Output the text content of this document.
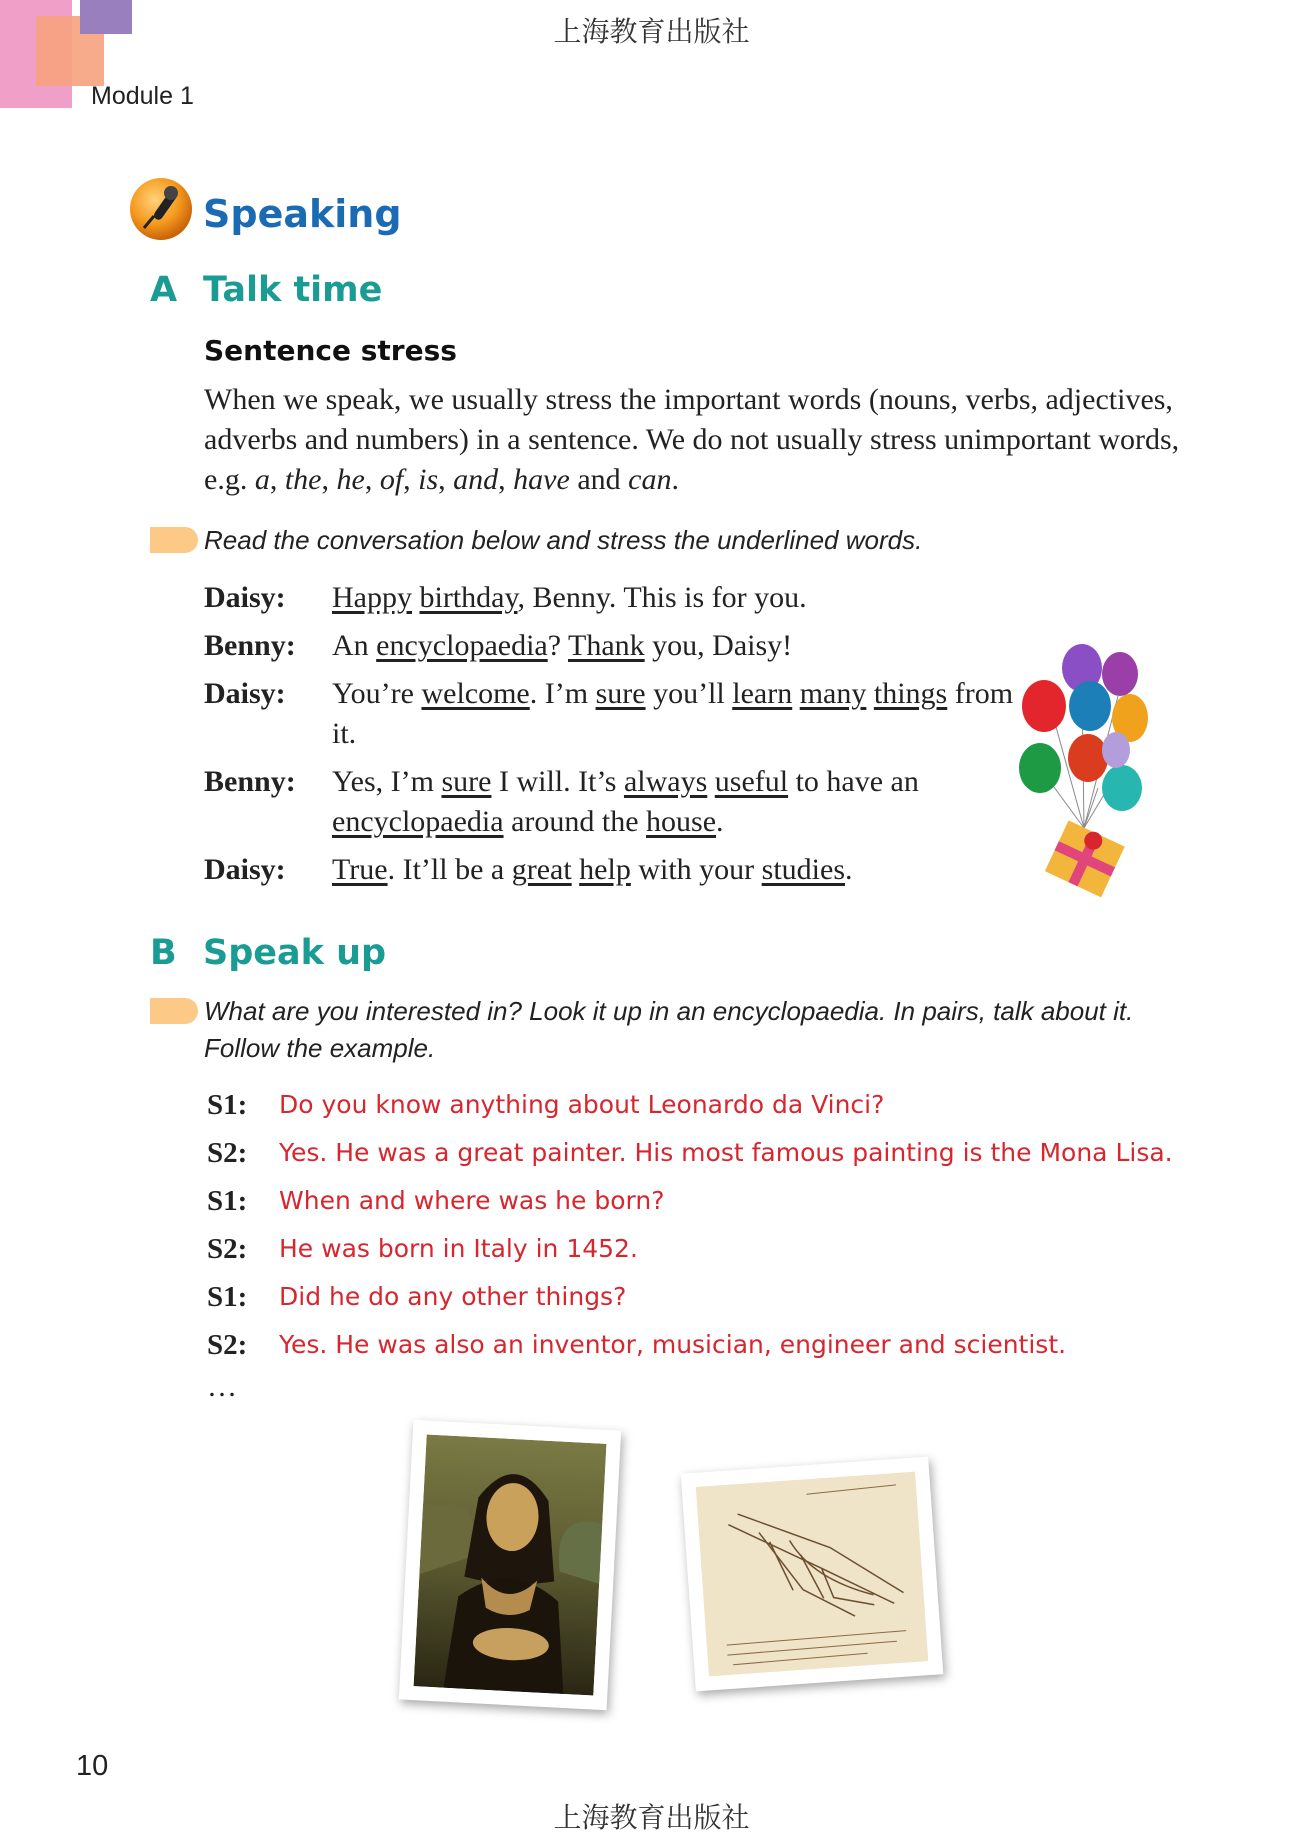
上海教育出版社
Module 1
Speaking
A Talk time
Sentence stress
When we speak, we usually stress the important words (nouns, verbs, adjectives, adverbs and numbers) in a sentence. We do not usually stress unimportant words, e.g. a, the, he, of, is, and, have and can.
Read the conversation below and stress the underlined words.
Daisy:	Happy birthday, Benny. This is for you.
Benny:	An encyclopaedia? Thank you, Daisy!
Daisy:	You’re welcome. I’m sure you’ll learn many things from it.
Benny:	Yes, I’m sure I will. It’s always useful to have an encyclopaedia around the house.
Daisy:	True. It’ll be a great help with your studies.
B Speak up
What are you interested in? Look it up in an encyclopaedia. In pairs, talk about it.
Follow the example.
S1:	Do you know anything about Leonardo da Vinci?
S2:	Yes. He was a great painter. His most famous painting is the Mona Lisa.
S1:	When and where was he born?
S2:	He was born in Italy in 1452.
S1:	Did he do any other things?
S2:	Yes. He was also an inventor, musician, engineer and scientist.
…
10
上海教育出版社
